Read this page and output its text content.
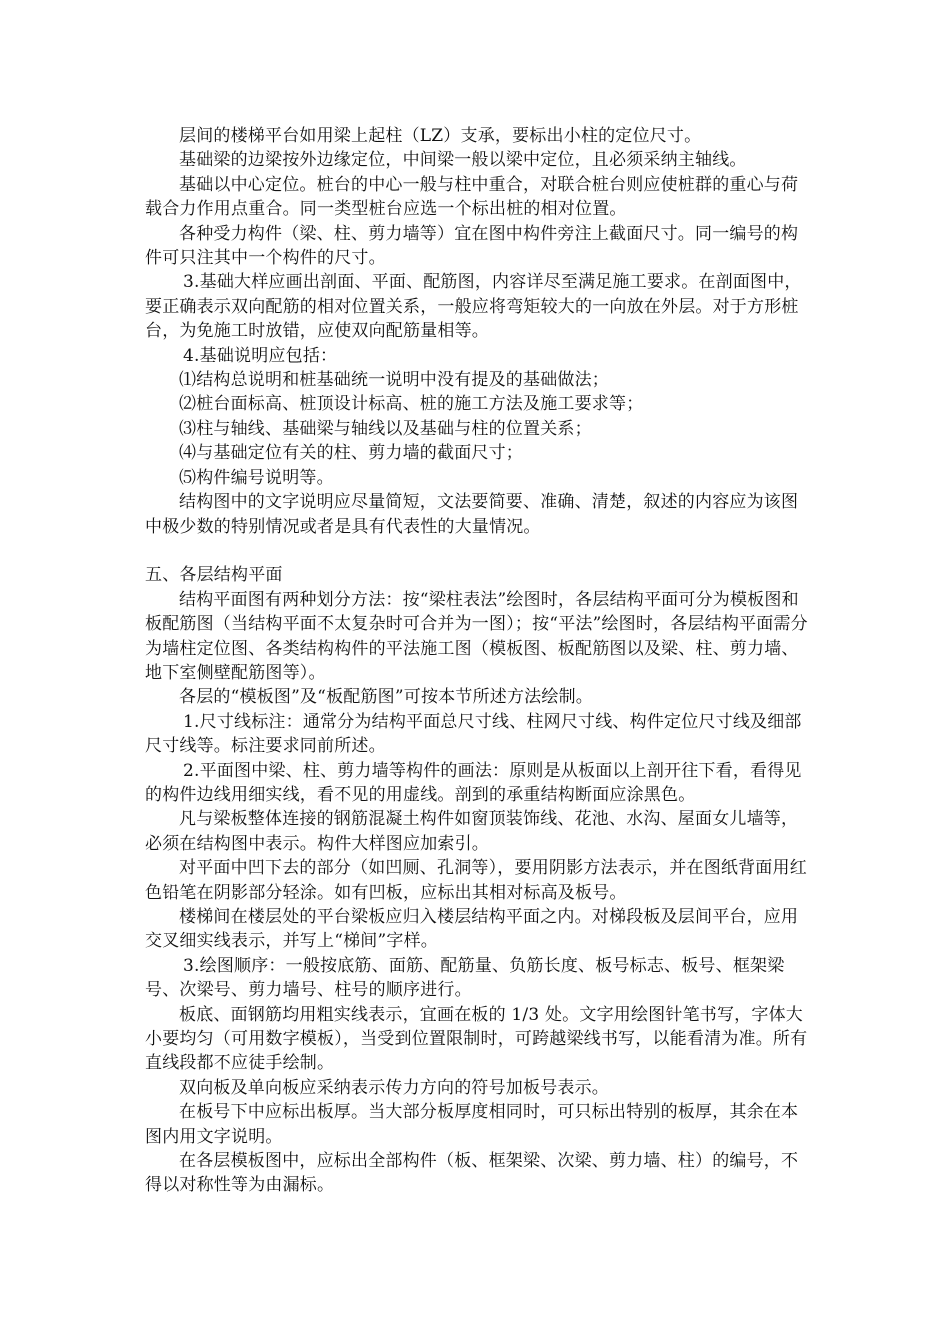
层间的楼梯平台如用梁上起柱（LZ）支承，要标出小柱的定位尺寸。

基础梁的边梁按外边缘定位，中间梁一般以梁中定位，且必须采纳主轴线。

基础以中心定位。桩台的中心一般与柱中重合，对联合桩台则应使桩群的重心与荷载合力作用点重合。同一类型桩台应选一个标出桩的相对位置。

各种受力构件（梁、柱、剪力墙等）宜在图中构件旁注上截面尺寸。同一编号的构件可只注其中一个构件的尺寸。

3.基础大样应画出剖面、平面、配筋图，内容详尽至满足施工要求。在剖面图中，要正确表示双向配筋的相对位置关系，一般应将弯矩较大的一向放在外层。对于方形桩台，为免施工时放错，应使双向配筋量相等。

4.基础说明应包括：

⑴结构总说明和桩基础统一说明中没有提及的基础做法；

⑵桩台面标高、桩顶设计标高、桩的施工方法及施工要求等；

⑶柱与轴线、基础梁与轴线以及基础与柱的位置关系；

⑷与基础定位有关的柱、剪力墙的截面尺寸；

⑸构件编号说明等。

结构图中的文字说明应尽量简短，文法要简要、准确、清楚，叙述的内容应为该图中极少数的特别情况或者是具有代表性的大量情况。

五、各层结构平面

结构平面图有两种划分方法：按“梁柱表法”绘图时，各层结构平面可分为模板图和板配筋图（当结构平面不太复杂时可合并为一图）；按“平法”绘图时，各层结构平面需分为墙柱定位图、各类结构构件的平法施工图（模板图、板配筋图以及梁、柱、剪力墙、地下室侧壁配筋图等）。

各层的“模板图”及“板配筋图”可按本节所述方法绘制。

1.尺寸线标注：通常分为结构平面总尺寸线、柱网尺寸线、构件定位尺寸线及细部尺寸线等。标注要求同前所述。

2.平面图中梁、柱、剪力墙等构件的画法：原则是从板面以上剖开往下看，看得见的构件边线用细实线，看不见的用虚线。剖到的承重结构断面应涂黑色。

凡与梁板整体连接的钢筋混凝土构件如窗顶装饰线、花池、水沟、屋面女儿墙等，必须在结构图中表示。构件大样图应加索引。

对平面中凹下去的部分（如凹厕、孔洞等），要用阴影方法表示，并在图纸背面用红色铅笔在阴影部分轻涂。如有凹板，应标出其相对标高及板号。

楼梯间在楼层处的平台梁板应归入楼层结构平面之内。对梯段板及层间平台，应用交叉细实线表示，并写上“梯间”字样。

3.绘图顺序：一般按底筋、面筋、配筋量、负筋长度、板号标志、板号、框架梁号、次梁号、剪力墙号、柱号的顺序进行。

板底、面钢筋均用粗实线表示，宜画在板的 1/3 处。文字用绘图针笔书写，字体大小要均匀（可用数字模板），当受到位置限制时，可跨越梁线书写，以能看清为准。所有直线段都不应徒手绘制。

双向板及单向板应采纳表示传力方向的符号加板号表示。

在板号下中应标出板厚。当大部分板厚度相同时，可只标出特别的板厚，其余在本图内用文字说明。

在各层模板图中，应标出全部构件（板、框架梁、次梁、剪力墙、柱）的编号，不得以对称性等为由漏标。
